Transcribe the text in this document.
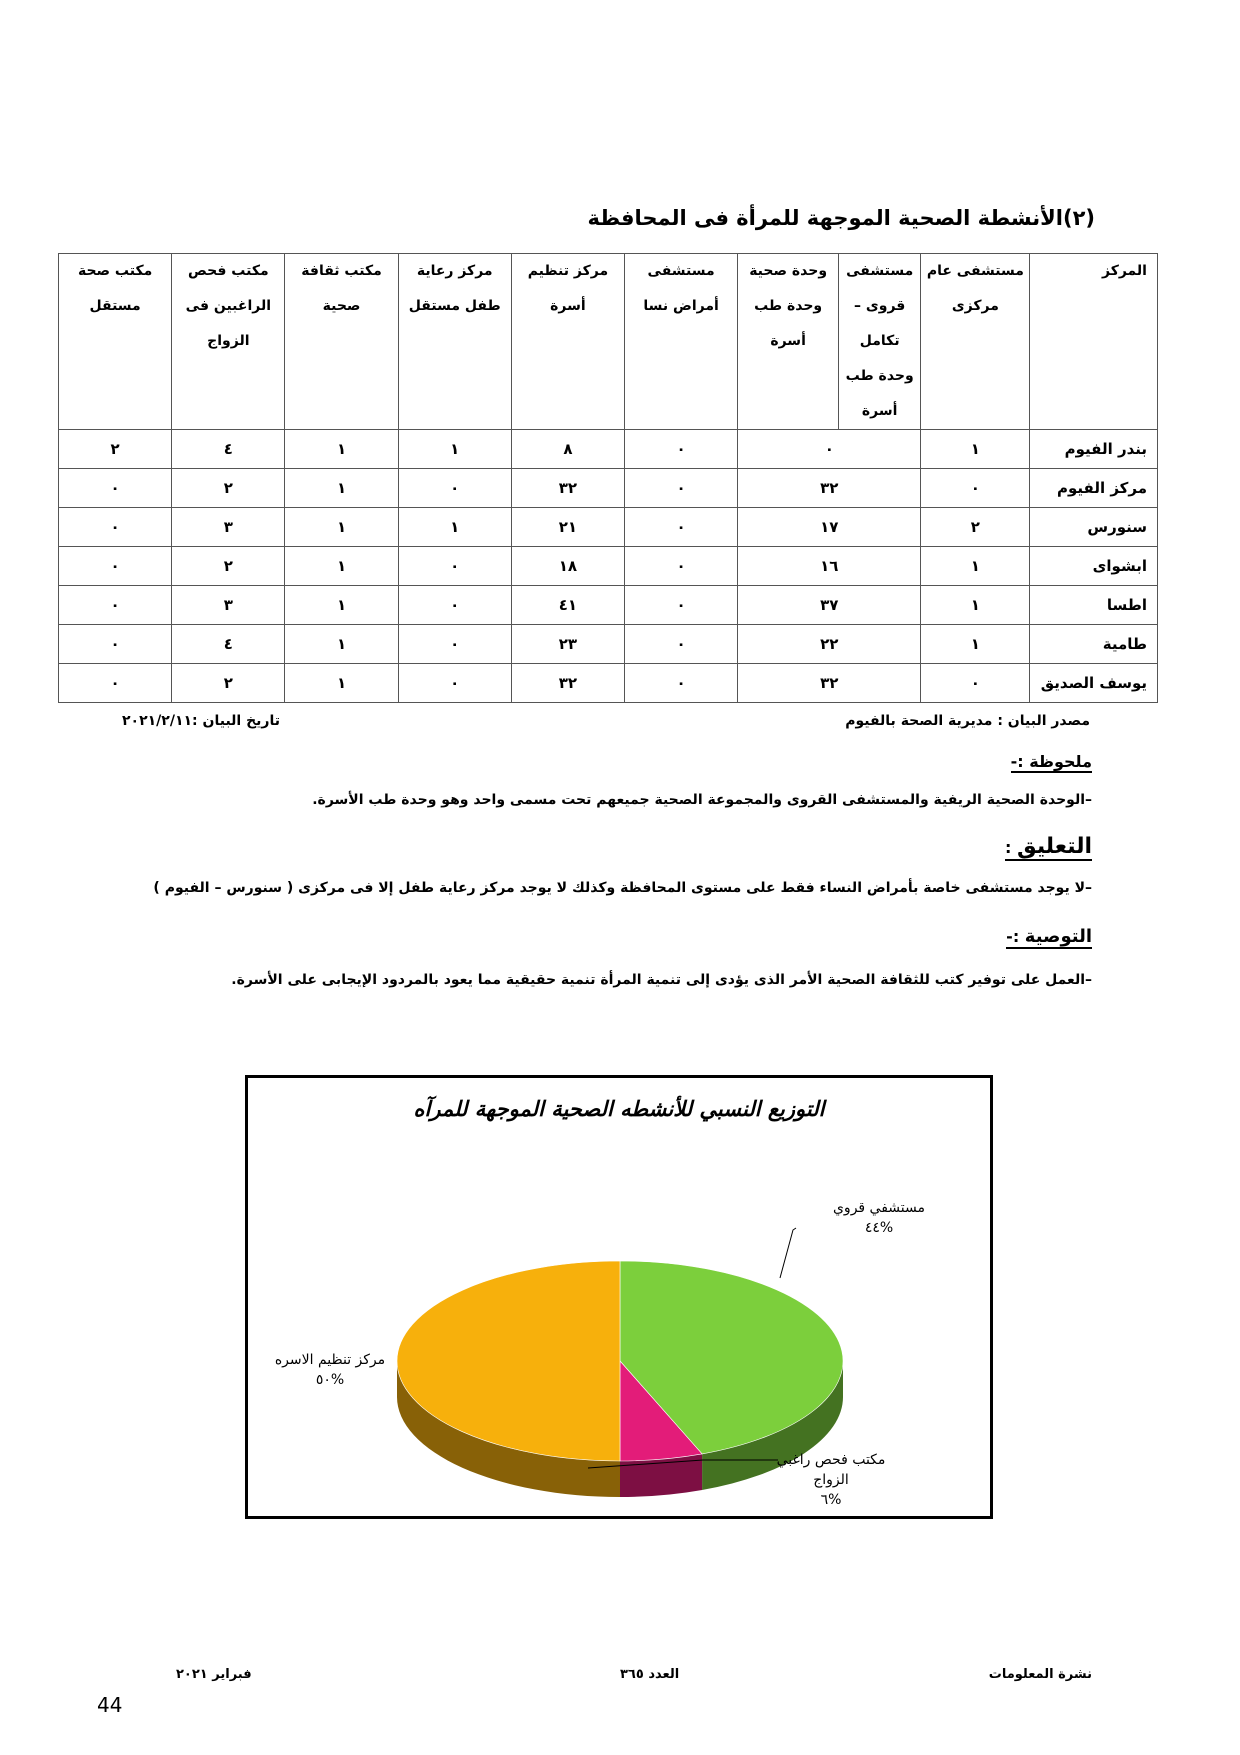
(٢)الأنشطة الصحية الموجهة للمرأة فى المحافظة
المركز	مستشفى عام مركزى	مستشفى قروى – تكامل وحدة طب أسرة	وحدة صحية وحدة طب أسرة	مستشفى أمراض نسا	مركز تنظيم أسرة	مركز رعاية طفل مستقل	مكتب ثقافة صحية	مكتب فحص الراغبين فى الزواج	مكتب صحة مستقل
بندر الفيوم	١	٠		٠	٨	١	١	٤	٢
مركز الفيوم	٠	٣٢		٠	٣٢	٠	١	٢	٠
سنورس	٢	١٧		٠	٢١	١	١	٣	٠
ابشواى	١	١٦		٠	١٨	٠	١	٢	٠
اطسا	١	٣٧		٠	٤١	٠	١	٣	٠
طامية	١	٢٢		٠	٢٣	٠	١	٤	٠
يوسف الصديق	٠	٣٢		٠	٣٢	٠	١	٢	٠
مصدر البيان : مديرية الصحة بالفيوم
تاريخ البيان :٢٠٢١/٢/١١
ملحوظة :-
–الوحدة الصحية الريفية والمستشفى القروى والمجموعة الصحية جميعهم تحت مسمى واحد وهو وحدة طب الأسرة.
التعليق :
–لا يوجد مستشفى خاصة بأمراض النساء فقط على مستوى المحافظة وكذلك لا يوجد مركز رعاية طفل إلا فى مركزى ( سنورس – الفيوم )
التوصية :-
–العمل على توفير كتب للثقافة الصحية الأمر الذى يؤدى إلى تنمية المرأة تنمية حقيقية مما يعود بالمردود الإيجابى على الأسرة.
التوزيع النسبي للأنشطه الصحية الموجهة للمرآه
مستشفي قروي
%٤٤
مكتب فحص راغبي الزواج
%٦
مركز تنظيم الاسره
%٥٠
نشرة المعلومات
العدد ٣٦٥
فبراير ٢٠٢١
44
